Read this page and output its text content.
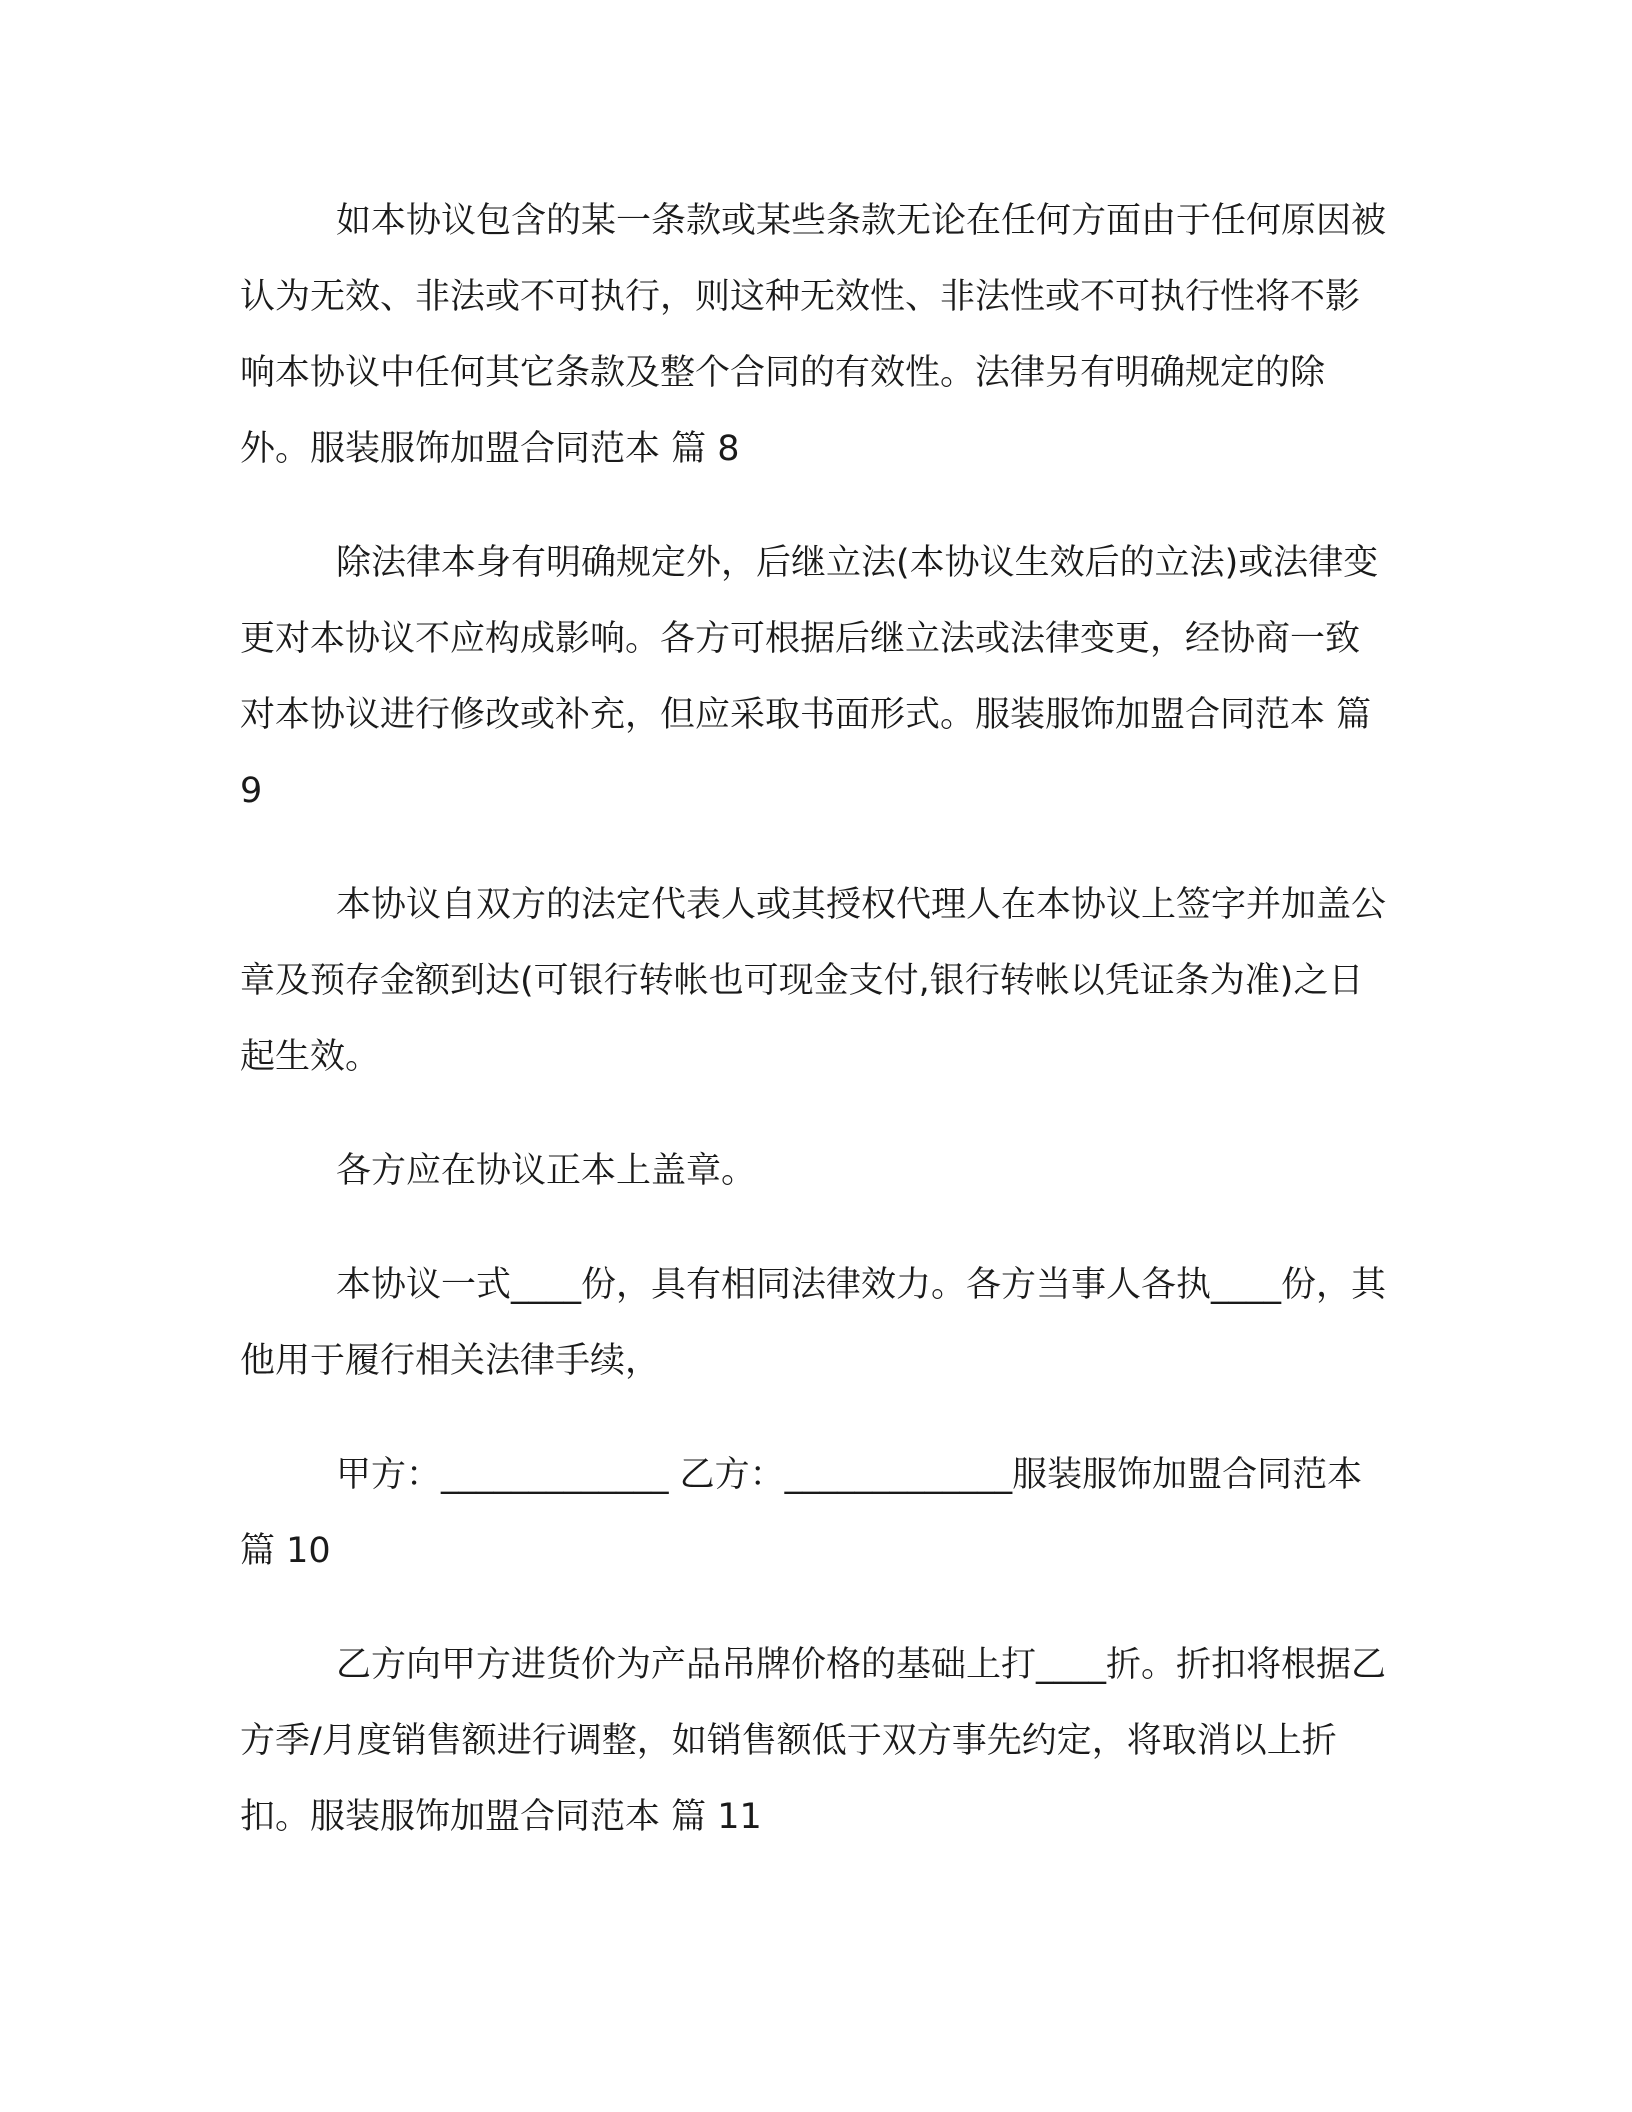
如本协议包含的某一条款或某些条款无论在任何方面由于任何原因被认为无效、非法或不可执行，则这种无效性、非法性或不可执行性将不影响本协议中任何其它条款及整个合同的有效性。法律另有明确规定的除外。服装服饰加盟合同范本 篇 8

除法律本身有明确规定外，后继立法(本协议生效后的立法)或法律变更对本协议不应构成影响。各方可根据后继立法或法律变更，经协商一致对本协议进行修改或补充，但应采取书面形式。服装服饰加盟合同范本 篇 9

本协议自双方的法定代表人或其授权代理人在本协议上签字并加盖公章及预存金额到达(可银行转帐也可现金支付,银行转帐以凭证条为准)之日起生效。

各方应在协议正本上盖章。

本协议一式____份，具有相同法律效力。各方当事人各执____份，其他用于履行相关法律手续，

甲方：_____________ 乙方：_____________服装服饰加盟合同范本 篇 10

乙方向甲方进货价为产品吊牌价格的基础上打____折。折扣将根据乙方季/月度销售额进行调整，如销售额低于双方事先约定，将取消以上折扣。服装服饰加盟合同范本 篇 11
